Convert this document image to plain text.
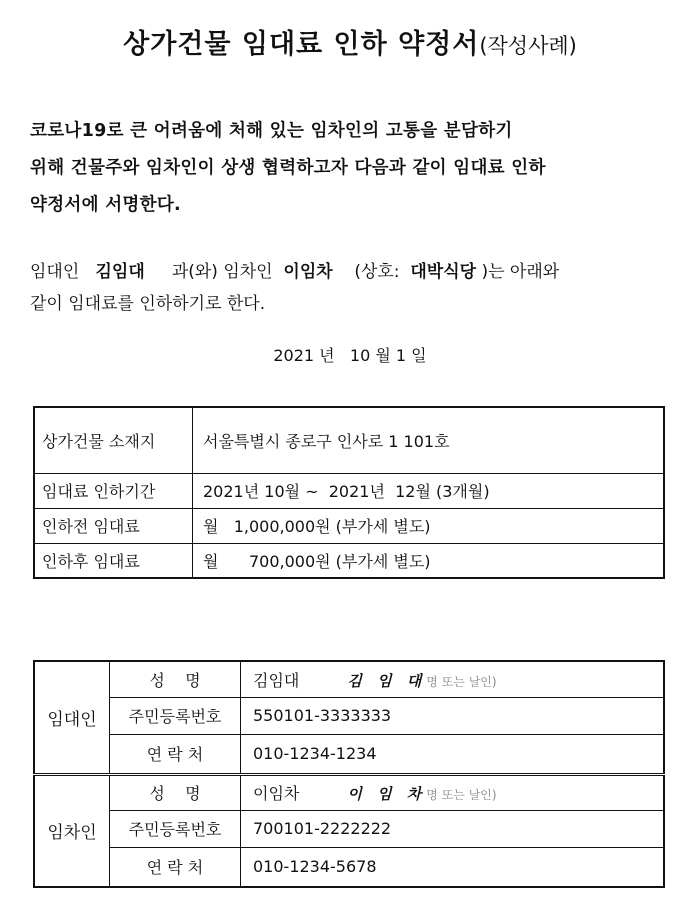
상가건물 임대료 인하 약정서(작성사례)
코로나19로 큰 어려움에 처해 있는 임차인의 고통을 분담하기
위해 건물주와 임차인이 상생 협력하고자 다음과 같이 임대료 인하
약정서에 서명한다.
임대인 김임대 과(와) 임차인 이임차 (상호: 대박식당 )는 아래와
같이 임대료를 인하하기로 한다.
2021 년   10 월 1 일
상가건물 소재지	서울특별시 종로구 인사로 1 101호
임대료 인하기간	2021년 10월 ~  2021년  12월 (3개월)
인하전 임대료	월   1,000,000원 (부가세 별도)
인하후 임대료	월      700,000원 (부가세 별도)
임대인	성    명	김임대 김 임 대명 또는 날인)
	주민등록번호	550101-3333333
	연 락 처	010-1234-1234
임차인	성    명	이임차 이 임 차명 또는 날인)
	주민등록번호	700101-2222222
	연 락 처	010-1234-5678
